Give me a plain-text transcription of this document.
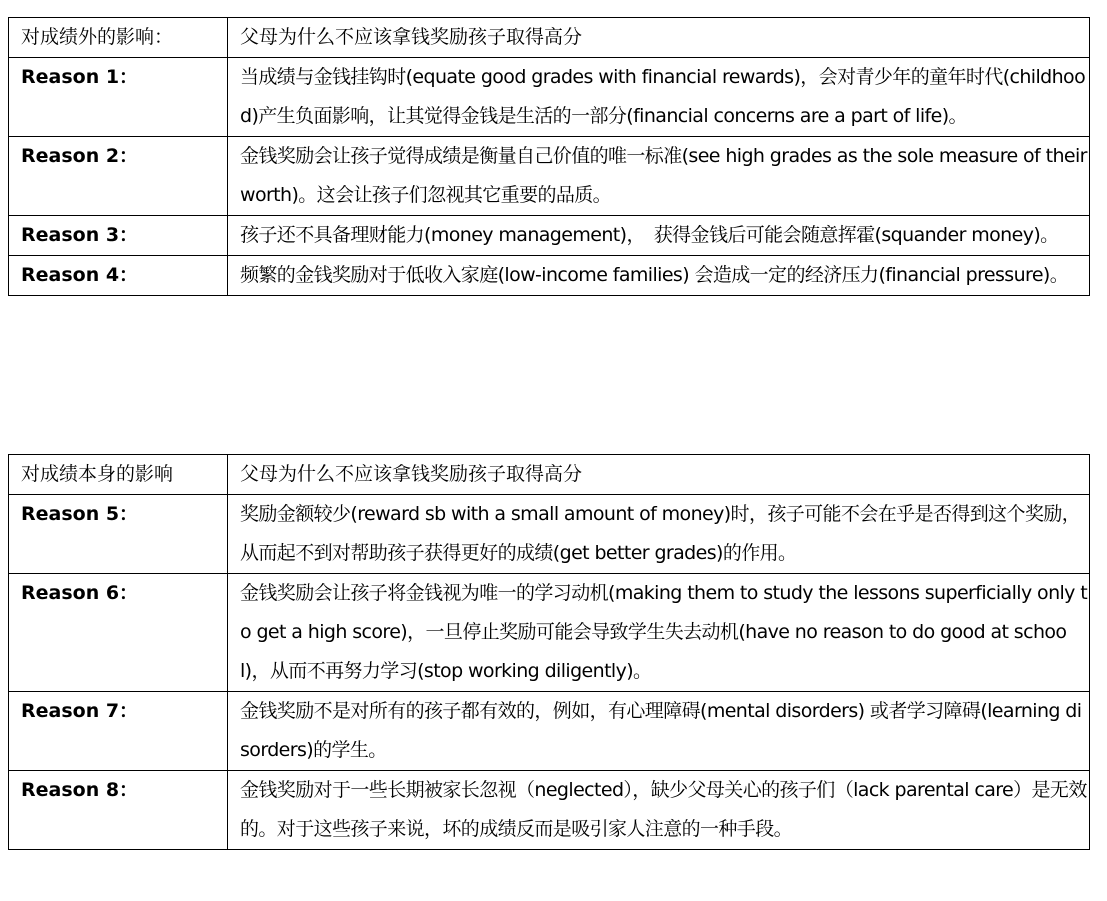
对成绩外的影响：	父母为什么不应该拿钱奖励孩子取得高分
Reason 1：	当成绩与金钱挂钩时(equate good grades with financial rewards)，会对青少年的童年时代(childhood)产生负面影响，让其觉得金钱是生活的一部分(financial concerns are a part of life)。
Reason 2：	金钱奖励会让孩子觉得成绩是衡量自己价值的唯一标准(see high grades as the sole measure of their worth)。这会让孩子们忽视其它重要的品质。
Reason 3：	孩子还不具备理财能力(money management)，　获得金钱后可能会随意挥霍(squander money)。
Reason 4：	频繁的金钱奖励对于低收入家庭(low-income families) 会造成一定的经济压力(financial pressure)。
对成绩本身的影响	父母为什么不应该拿钱奖励孩子取得高分
Reason 5：	奖励金额较少(reward sb with a small amount of money)时，孩子可能不会在乎是否得到这个奖励，从而起不到对帮助孩子获得更好的成绩(get better grades)的作用。
Reason 6：	金钱奖励会让孩子将金钱视为唯一的学习动机(making them to study the lessons superficially only to get a high score)，一旦停止奖励可能会导致学生失去动机(have no reason to do good at school)，从而不再努力学习(stop working diligently)。
Reason 7：	金钱奖励不是对所有的孩子都有效的，例如，有心理障碍(mental disorders) 或者学习障碍(learning disorders)的学生。
Reason 8：	金钱奖励对于一些长期被家长忽视（neglected），缺少父母关心的孩子们（lack parental care）是无效的。对于这些孩子来说，坏的成绩反而是吸引家人注意的一种手段。
